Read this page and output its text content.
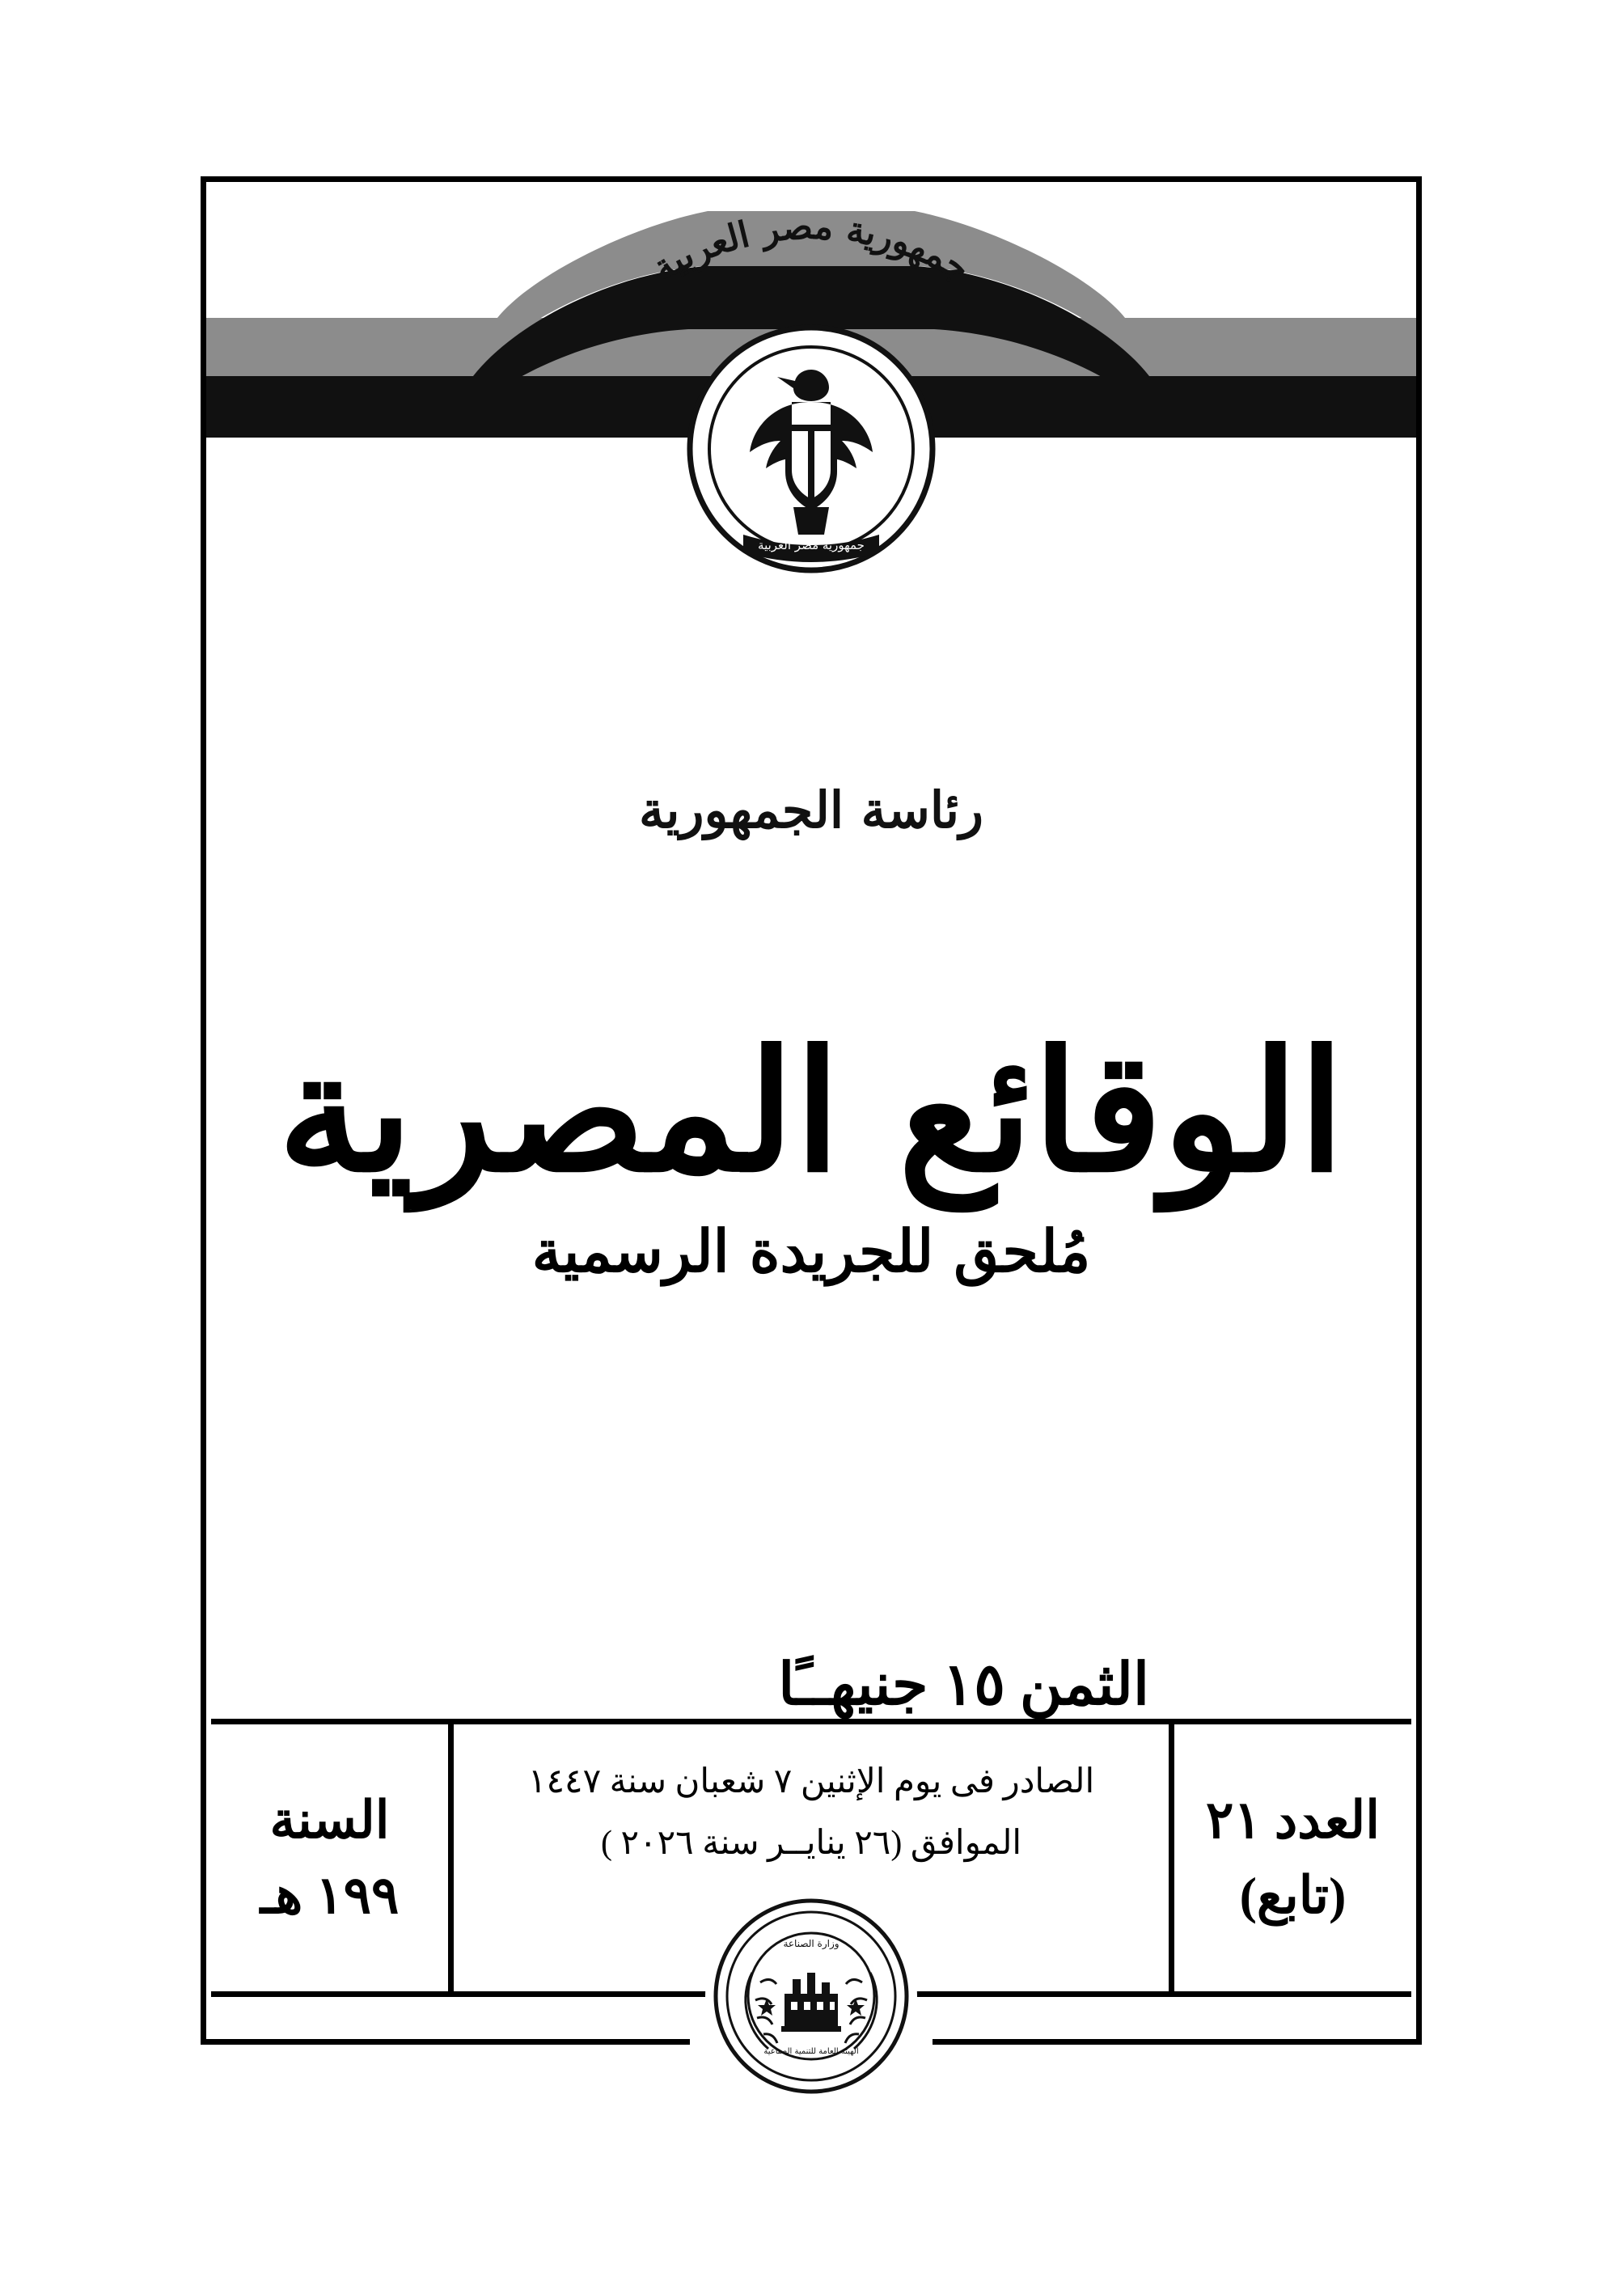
جمهورية مصر العربية
جمهورية مصر العربية
رئاسة الجمهورية
الوقائع المصرية
مُلحق للجريدة الرسمية
الثمن ١٥ جنيهــًا
العدد ٢١
(تابع)
الصادر فى يوم الإثنين ٧ شعبان سنة ١٤٤٧
الموافق (٢٦ ينايــر سنة ٢٠٢٦ )
السنة
١٩٩ هـ
وزارة الصناعة
الهيئة العامة للتنمية الصناعية
